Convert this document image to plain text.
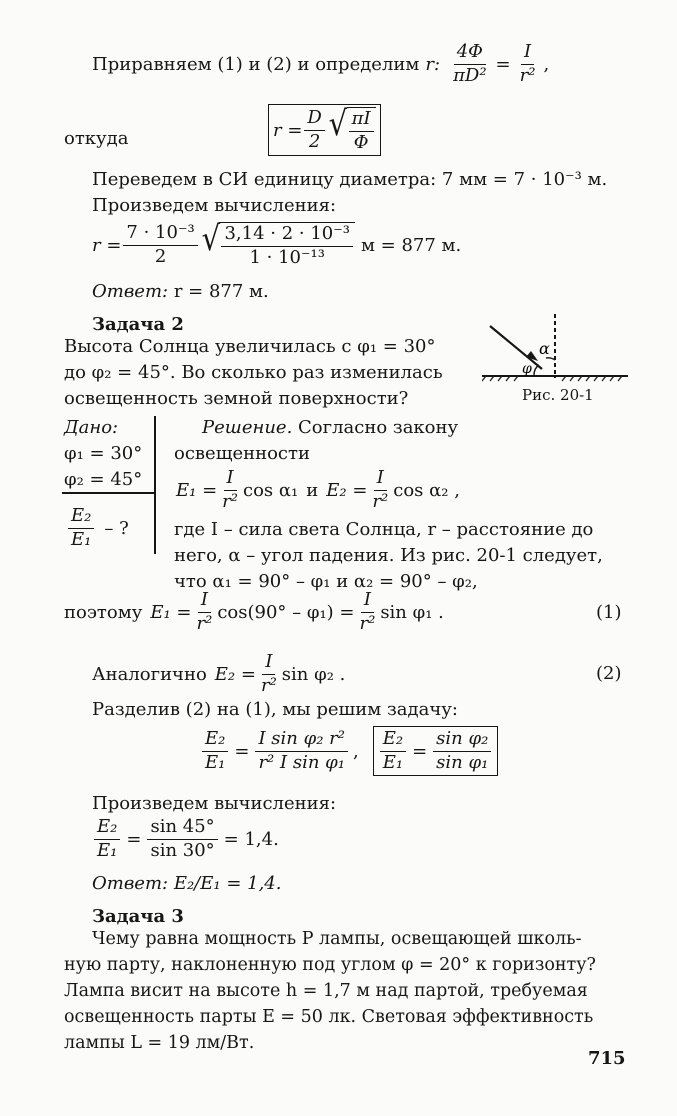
Приравняем (1) и (2) и определим r: $\frac{4\Phi}{\text{πD²}} = \frac{I}{\text{r²}}$ ,
откуда	$r = \frac{D}{2}$ √ $\frac{\pi I}{\Phi}$
Переведем в СИ единицу диаметра: 7 мм = 7 · 10⁻³ м.
Произведем вычисления:
$r = \frac{\text{7 · 10⁻³}}{2}$ √ $\frac{\text{3,14 · 2 · 10⁻³}}{\text{1 · 10⁻¹³}}$ м = 877 м.
Ответ: r = 877 м.
Задача 2
Высота Солнца увеличилась с φ₁ = 30°
до φ₂ = 45°. Во сколько раз изменилась
освещенность земной поверхности?
α
φ
Рис. 20-1
Дано:
φ₁ = 30°
φ₂ = 45°
$\frac{\text{E₂}}{\text{E₁}}$ – ?
Решение. Согласно закону
освещенности
$E_1 = \frac{I}{\text{r²}}$ cos α₁ и $E_2 = \frac{I}{\text{r²}}$ cos α₂ ,
где I – сила света Солнца, r – расстояние до
него, α – угол падения. Из рис. 20-1 следует,
что α₁ = 90° – φ₁ и α₂ = 90° – φ₂,
поэтому $E_1 = \frac{I}{\text{r²}} \cos(90^\circ - \varphi_1) = \frac{I}{\text{r²}}$ sin φ₁ .	(1)
Аналогично $E_2 = \frac{I}{\text{r²}}$ sin φ₂ .	(2)
Разделив (2) на (1), мы решим задачу:
$\frac{\text{E₂}}{\text{E₁}} = \frac{\text{I sin φ₂ r²}}{\text{r² I sin φ₁}}$ , $\frac{\text{E₂}}{\text{E₁}} = \frac{\text{sin φ₂}}{\text{sin φ₁}}$
Произведем вычисления:
$\frac{\text{E₂}}{\text{E₁}} = \frac{\sin 45^\circ}{\sin 30^\circ} = 1,4$.
Ответ: E₂/E₁ = 1,4.
Задача 3
Чему равна мощность P лампы, освещающей школь-
ную парту, наклоненную под углом φ = 20° к горизонту?
Лампа висит на высоте h = 1,7 м над партой, требуемая
освещенность парты E = 50 лк. Световая эффективность
лампы L = 19 лм/Вт.
715
